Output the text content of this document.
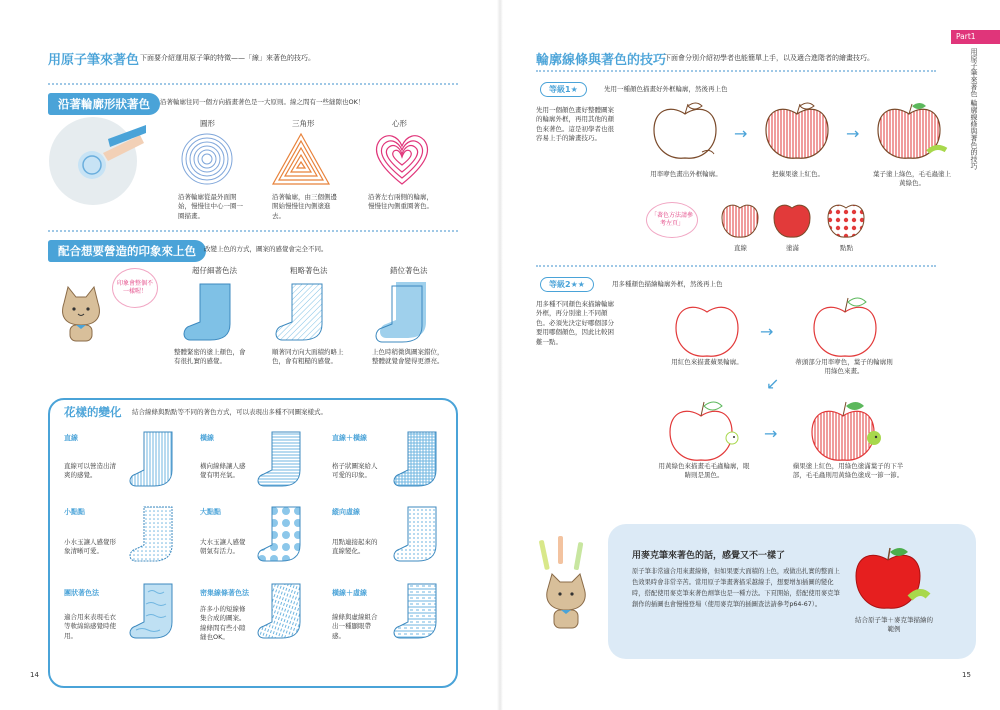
用原子筆來著色 下面要介紹運用原子筆的特徵——「線」來著色的技巧。
沿著輪廓形狀著色	沿著輪廓往同一個方向描畫著色是一大原則。線之間有一些縫隙也OK！
圓形	三角形	心形
沿著輪廓從最外面開始，慢慢往中心一圈一圈描畫。
沿著輪廓，由三個側邊開始慢慢往內側塗進去。
沿著左右兩側的輪廓，慢慢往內側重圈著色。
配合想要營造的印象來上色	改變上色的方式，圖案的感覺會完全不同。
印象會整個不一樣喔！
超仔細著色法	粗略著色法	錯位著色法
整體緊密的塗上顏色，會有很扎實的感覺。
順著同方向大面積約略上色，會有粗糙的感覺。
上色時稍微與圖案錯位，整體就覺會變得更漂亮。
花樣的變化	結合線條與點點等不同的著色方式，可以表現出多種不同圖案樣式。
直線
直線可以營造出清爽的感覺。
橫線
橫向線條讓人感覺有明亮氣。
直線＋橫線
格子狀圖案給人可愛的印象。
小點點
小水玉讓人感覺形象清晰可愛。
大點點
大水玉讓人感覺朝氣有活力。
縱向虛線
用點連接起來的直線變化。
團狀著色法
適合用來表現毛衣等軟綿綿感覺時使用。
密集線條著色法
許多小的短線條集合成的圖案。線條間有些小隙縫也OK。
橫線＋虛線
線條與虛線組合出一種顯眼帶感。
14
輪廓線條與著色的技巧
下面會分別介紹初學者也能簡單上手，以及適合進階者的繪畫技巧。
等級1★	先用一種顏色描畫好外框輪廓，然後再上色
先用一個顏色畫好整體圖案的輪廓外框，再用其他的顏色來著色。這是初學者也很容易上手的繪畫技巧。	→	→
用率咿色畫出外框輪廓。	把蘋果塗上紅色。	葉子塗上綠色，毛毛蟲塗上黃綠色。
「著色方法請參考左頁」
直線	塗滿	點點
等級2★★	用多種顏色描繪輪廓外框，然後再上色
用多種不同顏色來描繪輪廓外框，再分別塗上不同顏色。必須先決定好哪個部分要用哪個顏色，因此比較困難一點。
→
用紅色來描畫蘋果輪廓。	蒂頭部分用率咿色，葉子的輪廓則用綠色來畫。
↙
→
用黃綠色來描畫毛毛蟲輪廓，眼睛則是黑色。
蘋果塗上紅色，用綠色塗滿葉子的下半部，毛毛蟲則用黃綠色塗成一節一節。
用麥克筆來著色的話，感覺又不一樣了
原子筆非常適合用來畫線條，但如果要大面積的上色，或做出扎實的整面上色效果時會非常辛苦。當用原子筆畫著描采越線手，想要增加插圖的變化時，搭配使用麥克筆來著色劑筆也是一種方法。下頁開始，搭配使用麥克筆創作的插圖也會慢慢登場（使用麥克筆的插圖查法請參考p64-67）。
結合原子筆＋麥克筆描繪的範例
15
Part1
用原子筆來著色 輪廓線條與著色的技巧
